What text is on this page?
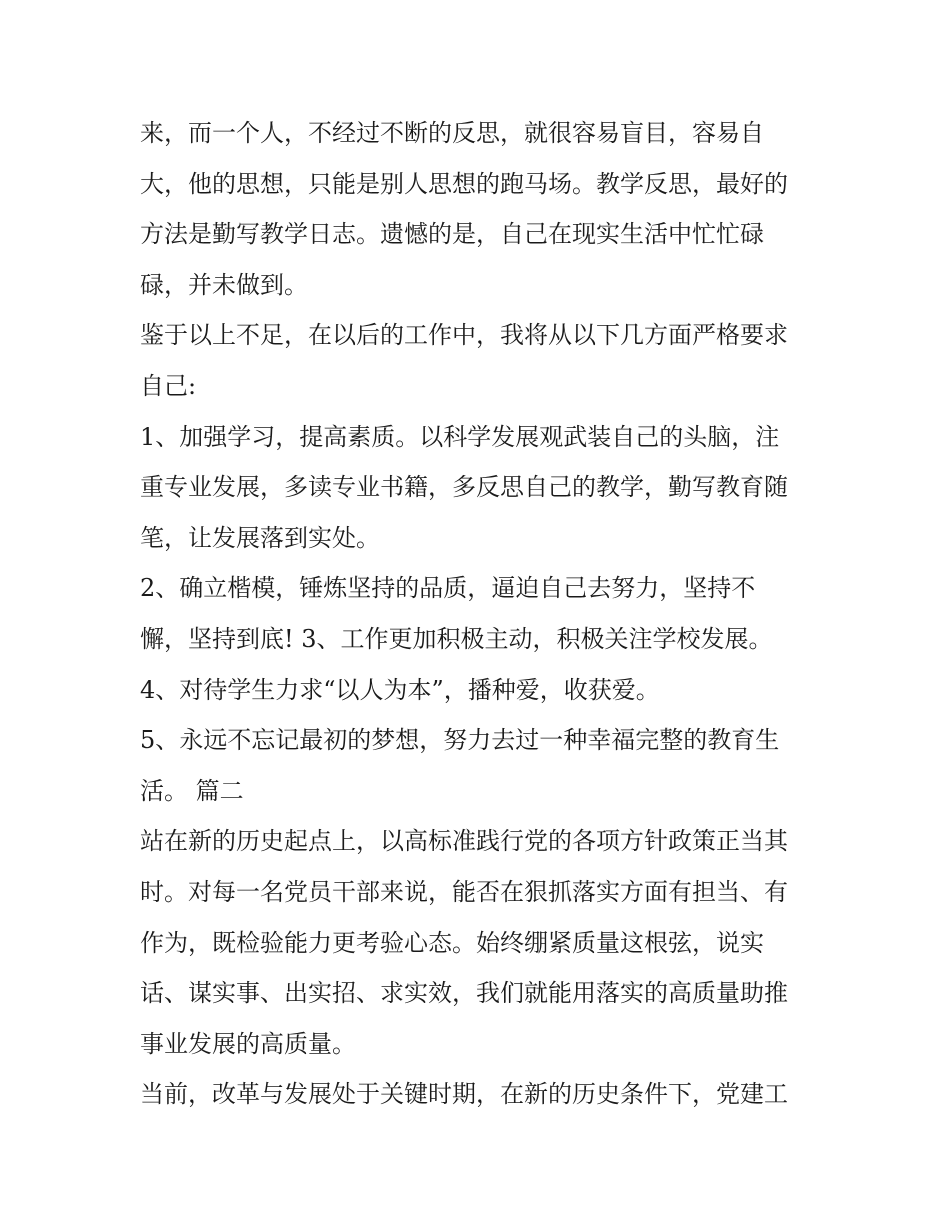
来，而一个人，不经过不断的反思，就很容易盲目，容易自
大，他的思想，只能是别人思想的跑马场。教学反思，最好的
方法是勤写教学日志。遗憾的是，自己在现实生活中忙忙碌
碌，并未做到。
鉴于以上不足，在以后的工作中，我将从以下几方面严格要求
自己:
1、加强学习，提高素质。以科学发展观武装自己的头脑，注
重专业发展，多读专业书籍，多反思自己的教学，勤写教育随
笔，让发展落到实处。
2、确立楷模，锤炼坚持的品质，逼迫自己去努力，坚持不
懈，坚持到底! 3、工作更加积极主动，积极关注学校发展。
4、对待学生力求“以人为本”，播种爱，收获爱。
5、永远不忘记最初的梦想，努力去过一种幸福完整的教育生
活。 篇二
站在新的历史起点上，以高标准践行党的各项方针政策正当其
时。对每一名党员干部来说，能否在狠抓落实方面有担当、有
作为，既检验能力更考验心态。始终绷紧质量这根弦，说实
话、谋实事、出实招、求实效，我们就能用落实的高质量助推
事业发展的高质量。
当前，改革与发展处于关键时期，在新的历史条件下，党建工
